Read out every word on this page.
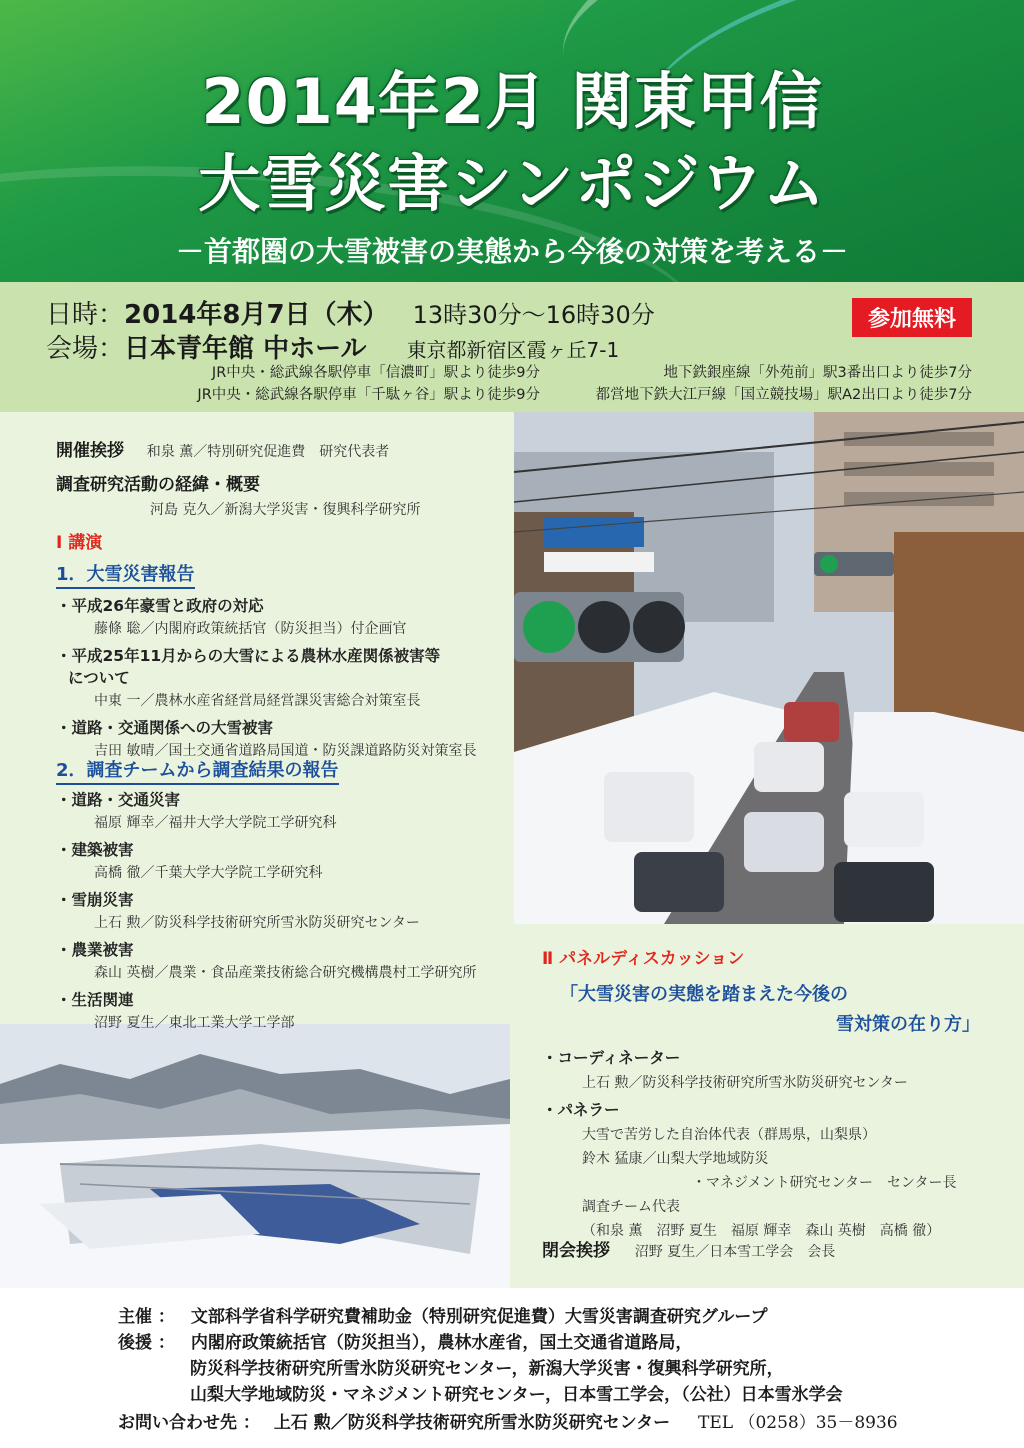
2014年2月 関東甲信
大雪災害シンポジウム
－首都圏の大雪被害の実態から今後の対策を考える－
日時：2014年8月7日（木） 13時30分～16時30分
会場：日本青年館 中ホール 東京都新宿区霞ヶ丘7-1
参加無料
JR中央・総武線各駅停車「信濃町」駅より徒歩9分
JR中央・総武線各駅停車「千駄ヶ谷」駅より徒歩9分
地下鉄銀座線「外苑前」駅3番出口より徒歩7分
都営地下鉄大江戸線「国立競技場」駅A2出口より徒歩7分
開催挨拶 和泉 薫／特別研究促進費　研究代表者
調査研究活動の経緯・概要
河島 克久／新潟大学災害・復興科学研究所
Ⅰ 講演
1．大雪災害報告
・平成26年豪雪と政府の対応
藤條 聡／内閣府政策統括官（防災担当）付企画官
・平成25年11月からの大雪による農林水産関係被害等
について
中東 一／農林水産省経営局経営課災害総合対策室長
・道路・交通関係への大雪被害
吉田 敏晴／国土交通省道路局国道・防災課道路防災対策室長
2．調査チームから調査結果の報告
・道路・交通災害
福原 輝幸／福井大学大学院工学研究科
・建築被害
高橋 徹／千葉大学大学院工学研究科
・雪崩災害
上石 勲／防災科学技術研究所雪氷防災研究センター
・農業被害
森山 英樹／農業・食品産業技術総合研究機構農村工学研究所
・生活関連
沼野 夏生／東北工業大学工学部
Ⅱ パネルディスカッション
「大雪災害の実態を踏まえた今後の
雪対策の在り方」
・コーディネーター
上石 勲／防災科学技術研究所雪氷防災研究センター
・パネラー
大雪で苦労した自治体代表（群馬県，山梨県）
鈴木 猛康／山梨大学地域防災
・マネジメント研究センター　センター長
調査チーム代表
（和泉 薫　沼野 夏生　福原 輝幸　森山 英樹　高橋 徹）
閉会挨拶 沼野 夏生／日本雪工学会　会長
主催 ： 文部科学省科学研究費補助金（特別研究促進費）大雪災害調査研究グループ
後援 ： 内閣府政策統括官（防災担当），農林水産省，国土交通省道路局，
防災科学技術研究所雪氷防災研究センター，新潟大学災害・復興科学研究所，
山梨大学地域防災・マネジメント研究センター，日本雪工学会，（公社）日本雪氷学会
お問い合わせ先 ： 上石 勲／防災科学技術研究所雪氷防災研究センター TEL （0258）35－8936
